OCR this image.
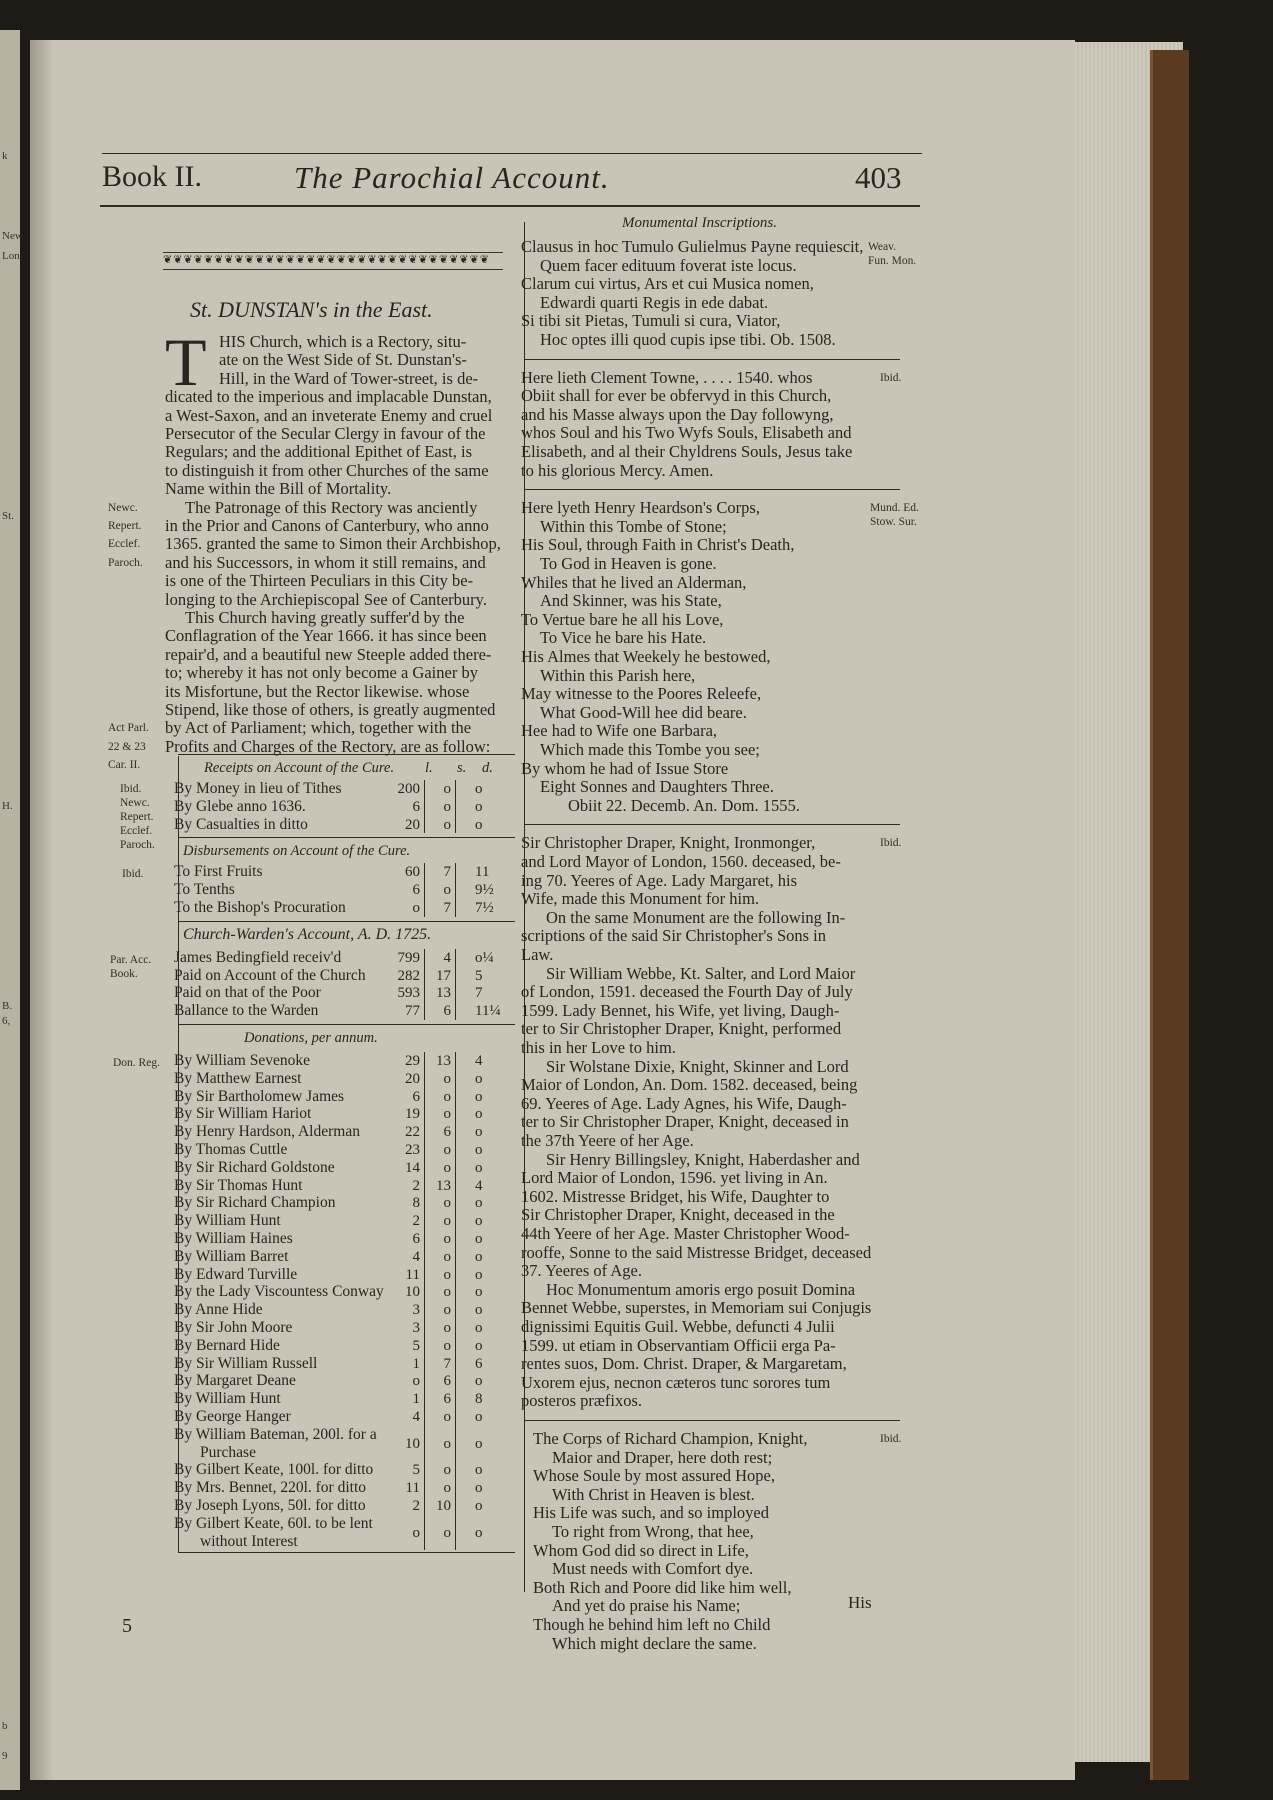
k
New
Lon
St.
H.
B.
6,
b
9
Book II.	The Parochial Account.	403
❦❦❦❦❦❦❦❦❦❦❦❦❦❦❦❦❦❦❦❦❦❦❦❦❦❦❦❦❦❦❦❦
St. DUNSTAN's in the East.
T HIS Church, which is a Rectory, situ-
ate on the West Side of St. Dunstan's-
Hill, in the Ward of Tower-street, is de-
dicated to the imperious and implacable Dunstan,
a West-Saxon, and an inveterate Enemy and cruel
Persecutor of the Secular Clergy in favour of the
Regulars; and the additional Epithet of East, is
to distinguish it from other Churches of the same
Name within the Bill of Mortality.
The Patronage of this Rectory was anciently
in the Prior and Canons of Canterbury, who anno
1365. granted the same to Simon their Archbishop,
and his Successors, in whom it still remains, and
is one of the Thirteen Peculiars in this City be-
longing to the Archiepiscopal See of Canterbury.
This Church having greatly suffer'd by the
Conflagration of the Year 1666. it has since been
repair'd, and a beautiful new Steeple added there-
to; whereby it has not only become a Gainer by
its Misfortune, but the Rector likewise. whose
Stipend, like those of others, is greatly augmented
by Act of Parliament; which, together with the
Profits and Charges of the Rectory, are as follow:
Newc.
Repert.
Ecclef.
Paroch.
Act Parl.
22 & 23
Car. II.	Receipts on Account of the Cure. l. s. d.
By Money in lieu of Tithes	200	o o
By Glebe anno 1636.	6	o o
By Casualties in ditto	20	o o
Ibid.
Newc.
Repert.
Ecclef.
Paroch. Disbursements on Account of the Cure.
To First Fruits	60	7 11
To Tenths	6	o 9½
To the Bishop's Procuration	o	7 7½
Ibid.
Church-Warden's Account, A. D. 1725.
James Bedingfield receiv'd	799	4 o¼
Paid on Account of the Church	282	17 5
Paid on that of the Poor	593	13 7
Ballance to the Warden	77	6 11¼
Par. Acc.
Book.
Donations, per annum.
Don. Reg. By William Sevenoke	29	13 4
By Matthew Earnest	20	o o
By Sir Bartholomew James	6	o o
By Sir William Hariot	19	o o
By Henry Hardson, Alderman	22	6 o
By Thomas Cuttle	23	o o
By Sir Richard Goldstone	14	o o
By Sir Thomas Hunt	2	13 4
By Sir Richard Champion	8	o o
By William Hunt	2	o o
By William Haines	6	o o
By William Barret	4	o o
By Edward Turville	11	o o
By the Lady Viscountess Conway	10	o o
By Anne Hide	3	o o
By Sir John Moore	3	o o
By Bernard Hide	5	o o
By Sir William Russell	1	7 6
By Margaret Deane	o	6 o
By William Hunt	1	6 8
By George Hanger	4	o o
By William Bateman, 200l. for a
Purchase	10	o o
By Gilbert Keate, 100l. for ditto	5	o o
By Mrs. Bennet, 220l. for ditto	11	o o
By Joseph Lyons, 50l. for ditto	2	10 o
By Gilbert Keate, 60l. to be lent
without Interest	o	o o
5
Monumental Inscriptions.
Weav.
Fun. Mon.
Clausus in hoc Tumulo Gulielmus Payne requiescit,
Quem facer edituum foverat iste locus.
Clarum cui virtus, Ars et cui Musica nomen,
Edwardi quarti Regis in ede dabat.
Si tibi sit Pietas, Tumuli si cura, Viator,
Hoc optes illi quod cupis ipse tibi. Ob. 1508.
Ibid.
Here lieth Clement Towne, . . . . 1540. whos
Obiit shall for ever be obfervyd in this Church,
and his Masse always upon the Day followyng,
whos Soul and his Two Wyfs Souls, Elisabeth and
Elisabeth, and al their Chyldrens Souls, Jesus take
to his glorious Mercy. Amen.
Mund. Ed.
Stow. Sur.
Here lyeth Henry Heardson's Corps,
Within this Tombe of Stone;
His Soul, through Faith in Christ's Death,
To God in Heaven is gone.
Whiles that he lived an Alderman,
And Skinner, was his State,
To Vertue bare he all his Love,
To Vice he bare his Hate.
His Almes that Weekely he bestowed,
Within this Parish here,
May witnesse to the Poores Releefe,
What Good-Will hee did beare.
Hee had to Wife one Barbara,
Which made this Tombe you see;
By whom he had of Issue Store
Eight Sonnes and Daughters Three.
Obiit 22. Decemb. An. Dom. 1555.
Ibid.
Sir Christopher Draper, Knight, Ironmonger,
and Lord Mayor of London, 1560. deceased, be-
ing 70. Yeeres of Age. Lady Margaret, his
Wife, made this Monument for him.
On the same Monument are the following In-
scriptions of the said Sir Christopher's Sons in
Law.
Sir William Webbe, Kt. Salter, and Lord Maior
of London, 1591. deceased the Fourth Day of July
1599. Lady Bennet, his Wife, yet living, Daugh-
ter to Sir Christopher Draper, Knight, performed
this in her Love to him.
Sir Wolstane Dixie, Knight, Skinner and Lord
Maior of London, An. Dom. 1582. deceased, being
69. Yeeres of Age. Lady Agnes, his Wife, Daugh-
ter to Sir Christopher Draper, Knight, deceased in
the 37th Yeere of her Age.
Sir Henry Billingsley, Knight, Haberdasher and
Lord Maior of London, 1596. yet living in An.
1602. Mistresse Bridget, his Wife, Daughter to
Sir Christopher Draper, Knight, deceased in the
44th Yeere of her Age. Master Christopher Wood-
rooffe, Sonne to the said Mistresse Bridget, deceased
37. Yeeres of Age.
Hoc Monumentum amoris ergo posuit Domina
Bennet Webbe, superstes, in Memoriam sui Conjugis
dignissimi Equitis Guil. Webbe, defuncti 4 Julii
1599. ut etiam in Observantiam Officii erga Pa-
rentes suos, Dom. Christ. Draper, & Margaretam,
Uxorem ejus, necnon cæteros tunc sorores tum
posteros præfixos.
Ibid.
The Corps of Richard Champion, Knight,
Maior and Draper, here doth rest;
Whose Soule by most assured Hope,
With Christ in Heaven is blest.
His Life was such, and so imployed
To right from Wrong, that hee,
Whom God did so direct in Life,
Must needs with Comfort dye.
Both Rich and Poore did like him well,
And yet do praise his Name;
Though he behind him left no Child
Which might declare the same.
His
